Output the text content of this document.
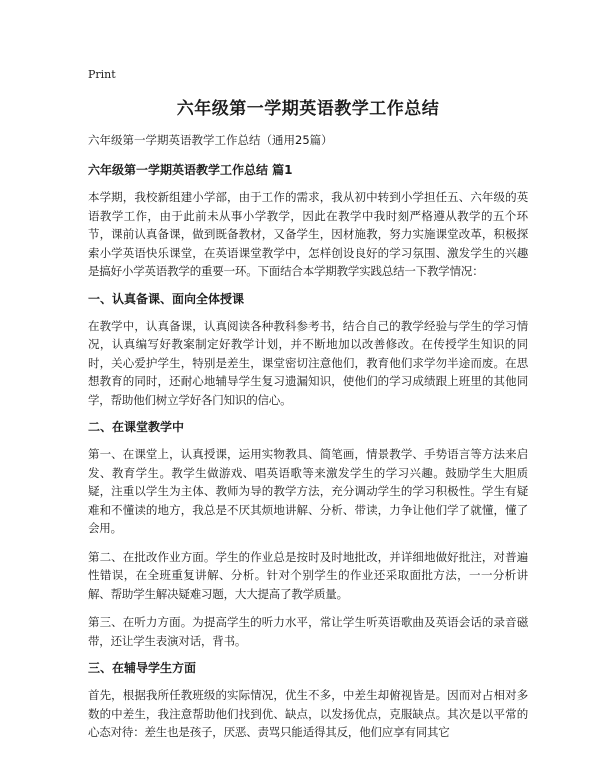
Print
六年级第一学期英语教学工作总结
六年级第一学期英语教学工作总结（通用25篇）
六年级第一学期英语教学工作总结 篇1
本学期，我校新组建小学部，由于工作的需求，我从初中转到小学担任五、六年级的英语教学工作，由于此前未从事小学教学，因此在教学中我时刻严格遵从教学的五个环节，课前认真备课，做到既备教材，又备学生，因材施教，努力实施课堂改革，积极探索小学英语快乐课堂，在英语课堂教学中，怎样创设良好的学习氛围、激发学生的兴趣是搞好小学英语教学的重要一环。下面结合本学期教学实践总结一下教学情况：
一、认真备课、面向全体授课
在教学中，认真备课，认真阅读各种教科参考书，结合自己的教学经验与学生的学习情况，认真编写好教案制定好教学计划，并不断地加以改善修改。在传授学生知识的同时，关心爱护学生，特别是差生，课堂密切注意他们，教育他们求学勿半途而废。在思想教育的同时，还耐心地辅导学生复习遗漏知识，使他们的学习成绩跟上班里的其他同学，帮助他们树立学好各门知识的信心。
二、在课堂教学中
第一、在课堂上，认真授课，运用实物教具、简笔画，情景教学、手势语言等方法来启发、教育学生。教学生做游戏、唱英语歌等来激发学生的学习兴趣。鼓励学生大胆质疑，注重以学生为主体、教师为导的教学方法，充分调动学生的学习积极性。学生有疑难和不懂读的地方，我总是不厌其烦地讲解、分析、带读，力争让他们学了就懂，懂了会用。
第二、在批改作业方面。学生的作业总是按时及时地批改，并详细地做好批注，对普遍性错误，在全班重复讲解、分析。针对个别学生的作业还采取面批方法，一一分析讲解、帮助学生解决疑难习题，大大提高了教学质量。
第三、在听力方面。为提高学生的听力水平，常让学生听英语歌曲及英语会话的录音磁带，还让学生表演对话，背书。
三、在辅导学生方面
首先，根据我所任教班级的实际情况，优生不多，中差生却俯视皆是。因而对占相对多数的中差生，我注意帮助他们找到优、缺点，以发扬优点，克服缺点。其次是以平常的心态对待：差生也是孩子，厌恶、责骂只能适得其反，他们应享有同其它
